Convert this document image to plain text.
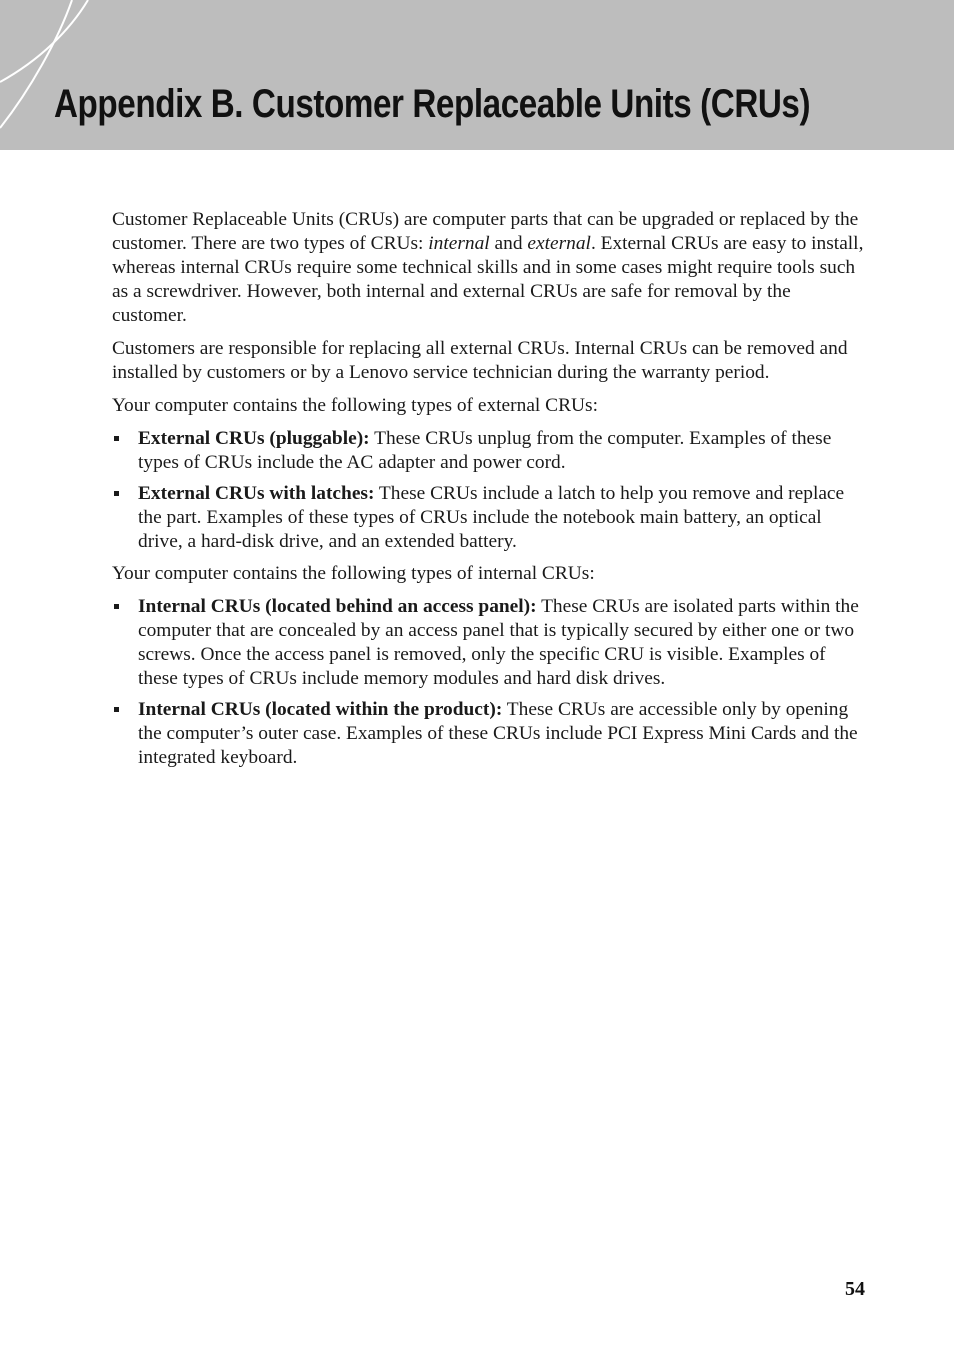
Appendix B. Customer Replaceable Units (CRUs)

Customer Replaceable Units (CRUs) are computer parts that can be upgraded or replaced by the customer. There are two types of CRUs: internal and external. External CRUs are easy to install, whereas internal CRUs require some technical skills and in some cases might require tools such as a screwdriver. However, both internal and external CRUs are safe for removal by the customer.

Customers are responsible for replacing all external CRUs. Internal CRUs can be removed and installed by customers or by a Lenovo service technician during the warranty period.

Your computer contains the following types of external CRUs:

External CRUs (pluggable): These CRUs unplug from the computer. Examples of these types of CRUs include the AC adapter and power cord.
External CRUs with latches: These CRUs include a latch to help you remove and replace the part. Examples of these types of CRUs include the notebook main battery, an optical drive, a hard-disk drive, and an extended battery.

Your computer contains the following types of internal CRUs:

Internal CRUs (located behind an access panel): These CRUs are isolated parts within the computer that are concealed by an access panel that is typically secured by either one or two screws. Once the access panel is removed, only the specific CRU is visible. Examples of these types of CRUs include memory modules and hard disk drives.
Internal CRUs (located within the product): These CRUs are accessible only by opening the computer’s outer case. Examples of these CRUs include PCI Express Mini Cards and the integrated keyboard.
54
